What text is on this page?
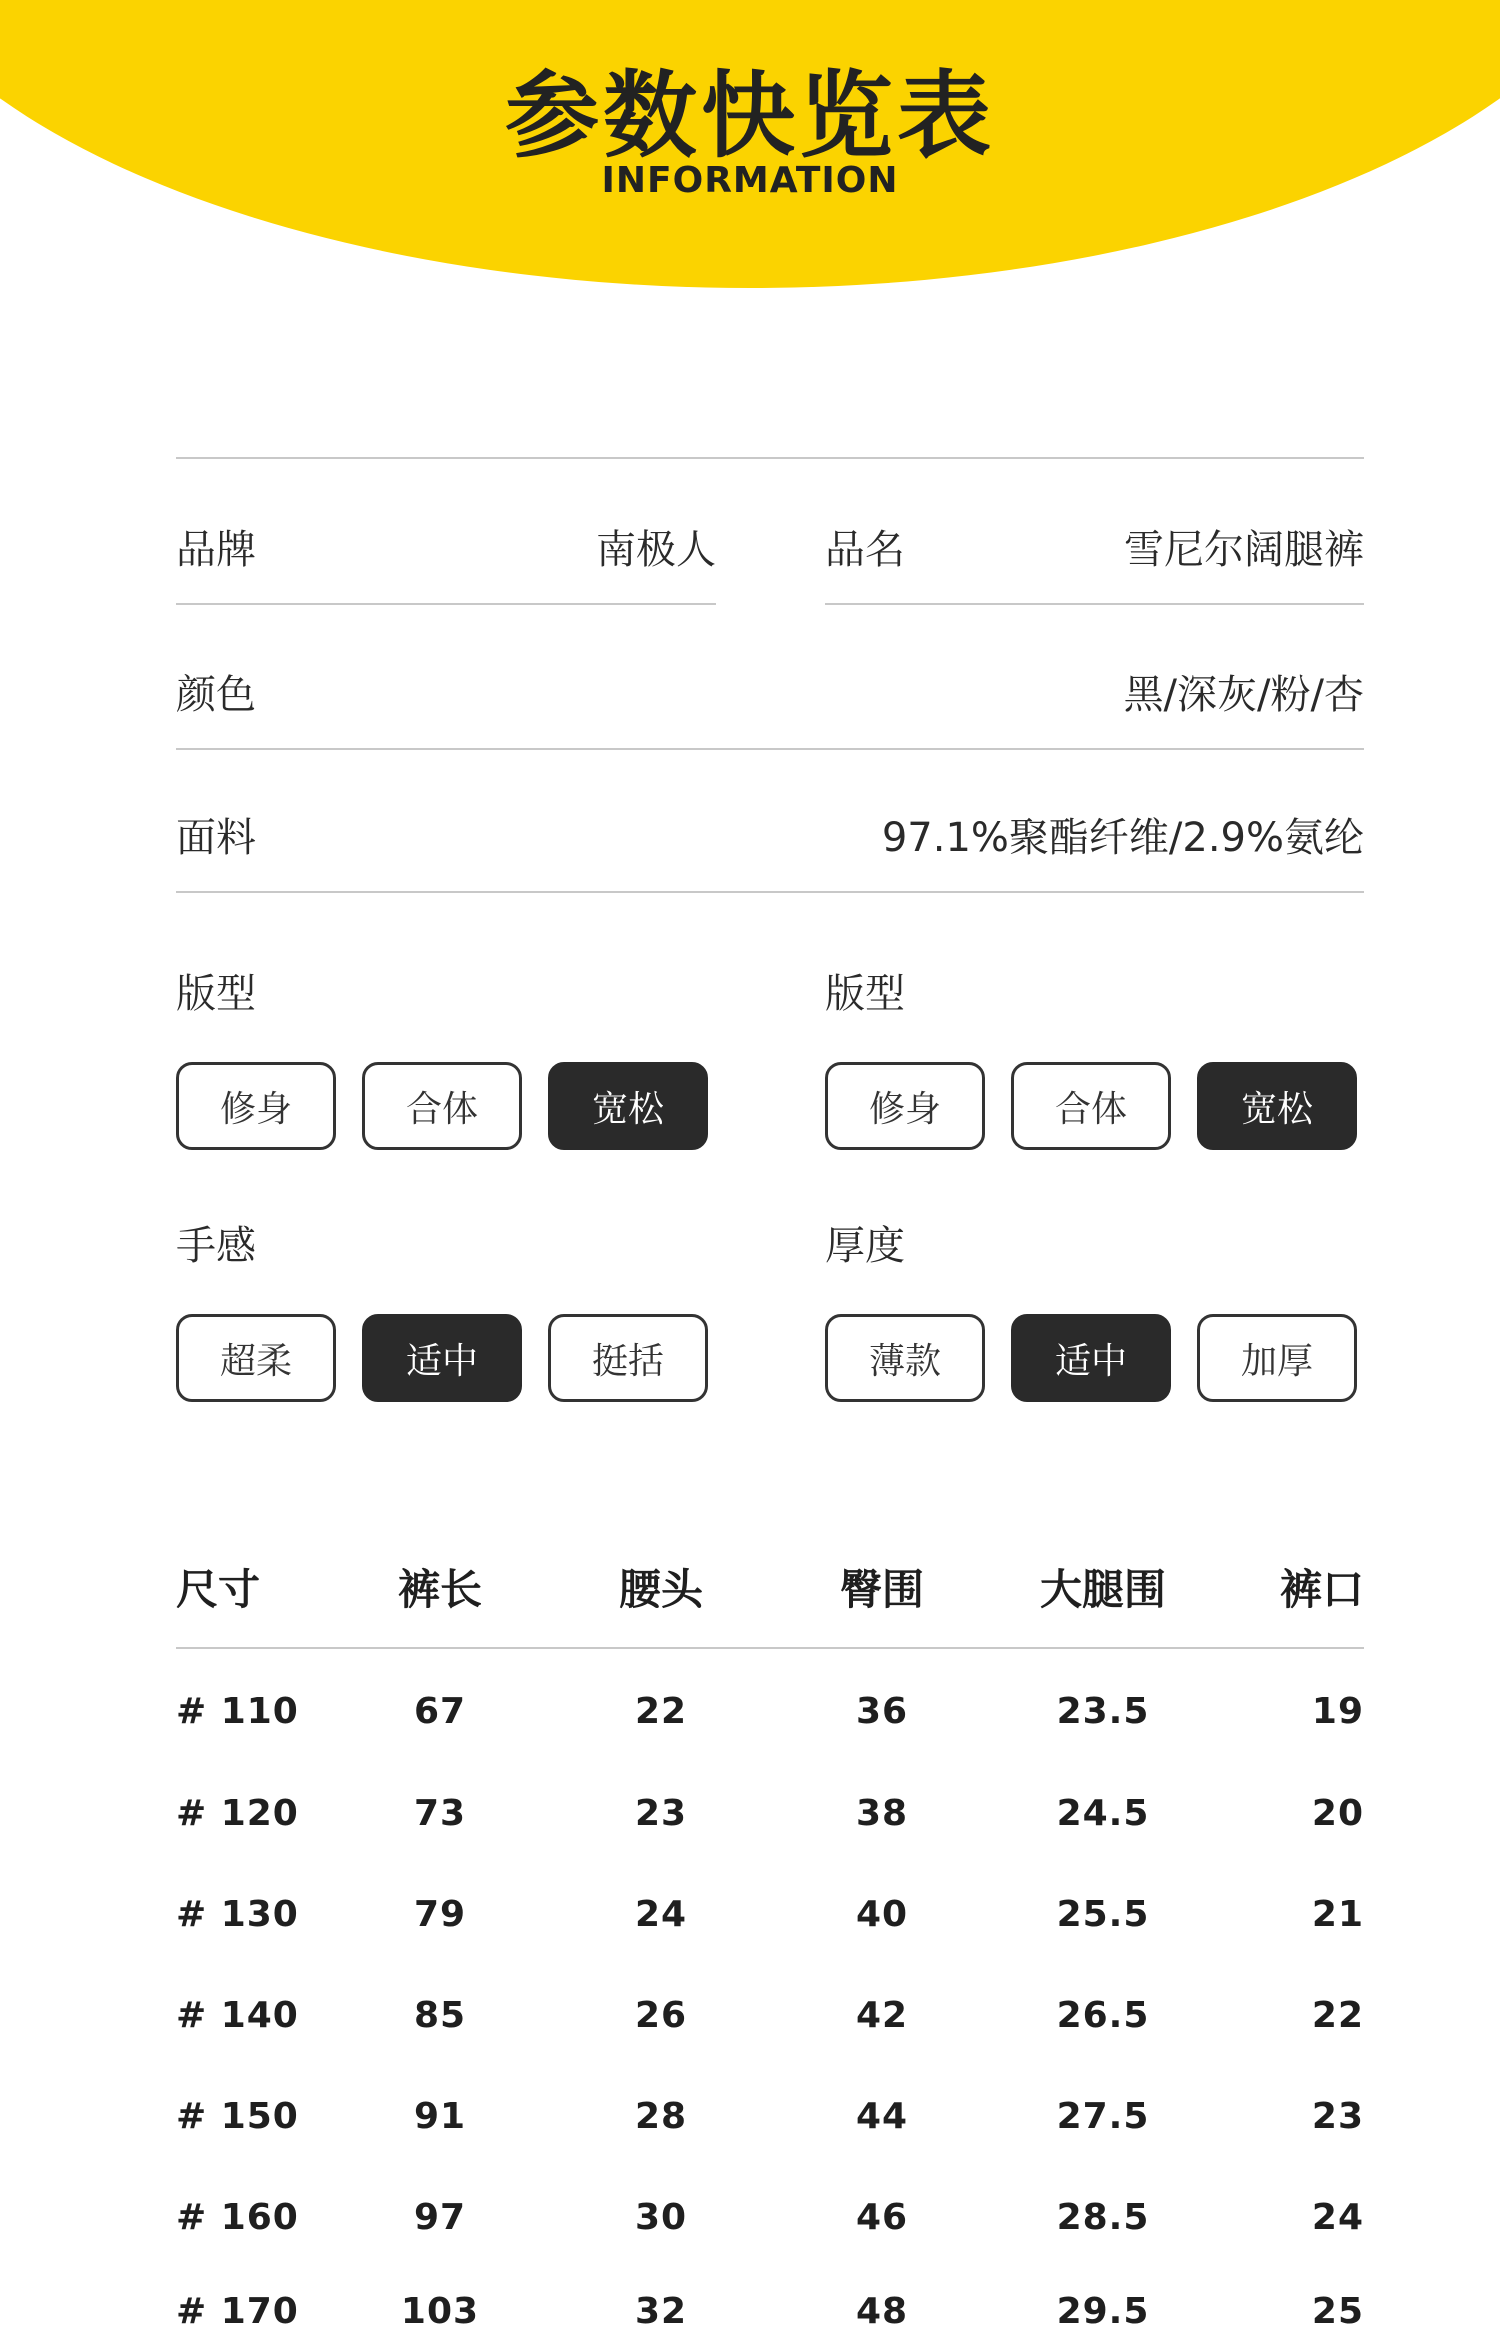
参数快览表
INFORMATION
品牌	南极人	品名	雪尼尔阔腿裤
颜色	黑/深灰/粉/杏
面料	97.1%聚酯纤维/2.9%氨纶
版型
修身	合体	宽松
版型
修身	合体	宽松
手感
超柔	适中	挺括
厚度
薄款	适中	加厚
尺寸	裤长	腰头	臀围	大腿围	裤口
# 110	67	22	36	23.5	19
# 120	73	23	38	24.5	20
# 130	79	24	40	25.5	21
# 140	85	26	42	26.5	22
# 150	91	28	44	27.5	23
# 160	97	30	46	28.5	24
# 170	103	32	48	29.5	25
